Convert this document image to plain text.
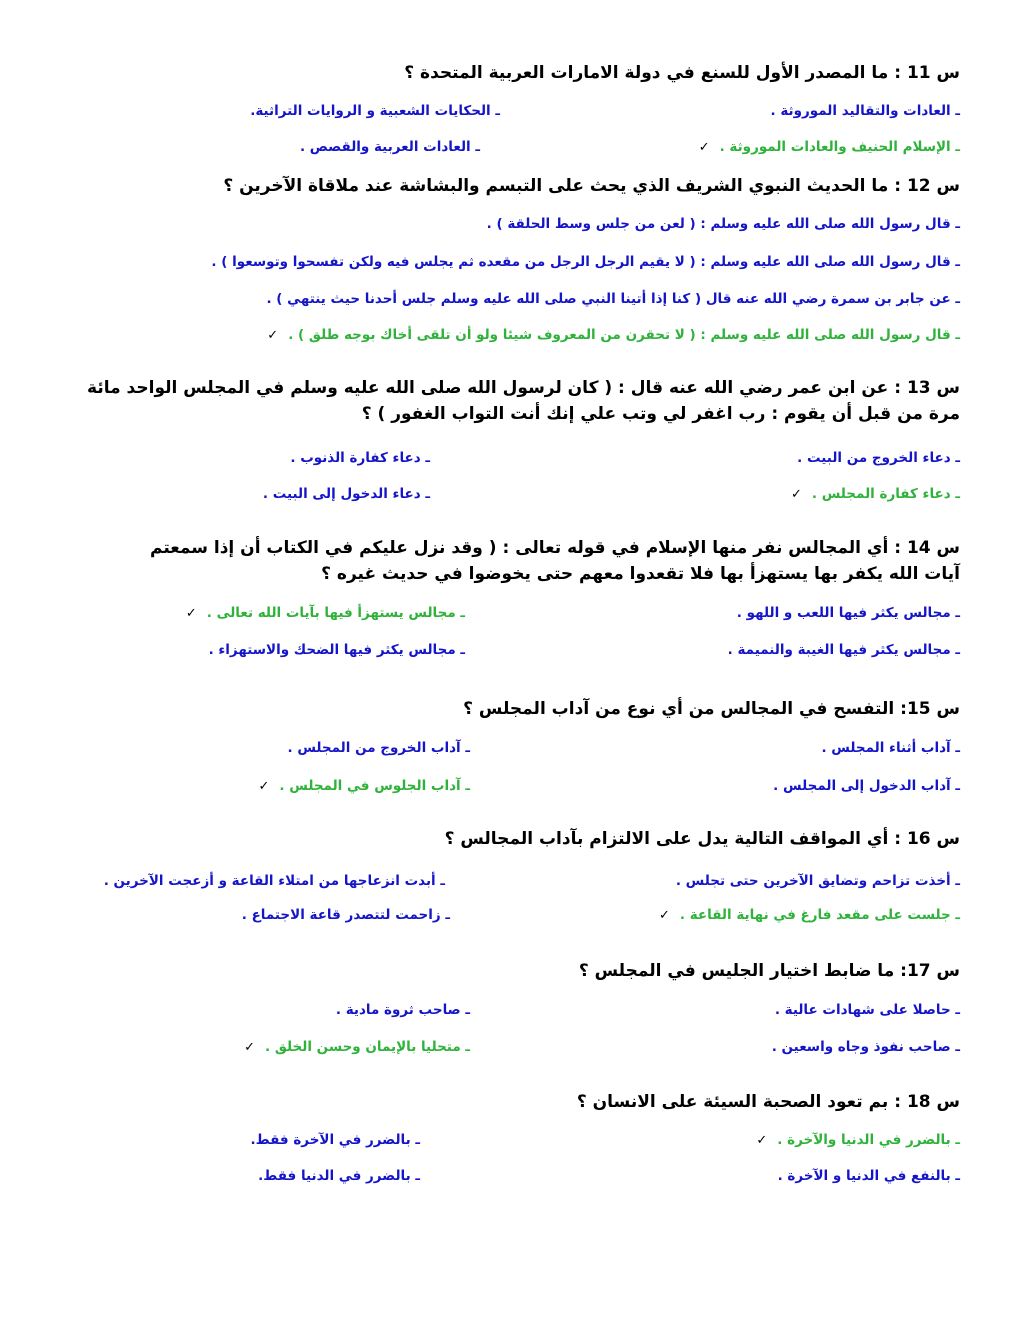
س 11 : ما المصدر الأول للسنع في دولة الامارات العربية المتحدة ؟
ـ العادات والتقاليد الموروثة .
ـ الحكايات الشعبية و الروايات التراثية.
ـ الإسلام الحنيف والعادات الموروثة .✓
ـ العادات العربية والقصص .
س 12 : ما الحديث النبوي الشريف الذي يحث على التبسم والبشاشة عند ملاقاة الآخرين ؟
ـ قال رسول الله صلى الله عليه وسلم : ( لعن من جلس وسط الحلقة ) .
ـ قال رسول الله صلى الله عليه وسلم : ( لا يقيم الرجل الرجل من مقعده ثم يجلس فيه ولكن تفسحوا وتوسعوا ) .
ـ عن جابر بن سمرة رضي الله عنه قال ( كنا إذا أتينا النبي صلى الله عليه وسلم جلس أحدنا حيث ينتهي ) .
ـ قال رسول الله صلى الله عليه وسلم : ( لا تحقرن من المعروف شيئا ولو أن تلقى أخاك بوجه طلق ) .✓
س 13 : عن ابن عمر رضي الله عنه قال : ( كان لرسول الله صلى الله عليه وسلم في المجلس الواحد مائة مرة من قبل أن يقوم : رب اغفر لي وتب علي إنك أنت التواب الغفور ) ؟
ـ دعاء الخروج من البيت .
ـ دعاء كفارة الذنوب .
ـ دعاء كفارة المجلس .✓
ـ دعاء الدخول إلى البيت .
س 14 : أي المجالس نفر منها الإسلام في قوله تعالى : ( وقد نزل عليكم في الكتاب أن إذا سمعتم آيات الله يكفر بها يستهزأ بها فلا تقعدوا معهم حتى يخوضوا في حديث غيره ؟
ـ مجالس يكثر فيها اللعب و اللهو .
ـ مجالس يستهزأ فيها بآيات الله تعالى .✓
ـ مجالس يكثر فيها الغيبة والنميمة .
ـ مجالس يكثر فيها الضحك والاستهزاء .
س 15: التفسح في المجالس من أي نوع من آداب المجلس ؟
ـ آداب أثناء المجلس .
ـ آداب الخروج من المجلس .
ـ آداب الدخول إلى المجلس .
ـ آداب الجلوس في المجلس .✓
س 16 : أي المواقف التالية يدل على الالتزام بآداب المجالس ؟
ـ أخذت تزاحم وتضايق الآخرين حتى تجلس .
ـ أبدت انزعاجها من امتلاء القاعة و أزعجت الآخرين .
ـ جلست على مقعد فارغ في نهاية القاعة .✓
ـ زاحمت لتتصدر قاعة الاجتماع .
س 17: ما ضابط اختيار الجليس في المجلس ؟
ـ حاصلا على شهادات عالية .
ـ صاحب ثروة مادية .
ـ صاحب نفوذ وجاه واسعين .
ـ متحليا بالإيمان وحسن الخلق .✓
س 18 : بم تعود الصحبة السيئة على الانسان ؟
ـ بالضرر في الدنيا والآخرة .✓
ـ بالضرر في الآخرة فقط.
ـ بالنفع في الدنيا و الآخرة .
ـ بالضرر في الدنيا فقط.
